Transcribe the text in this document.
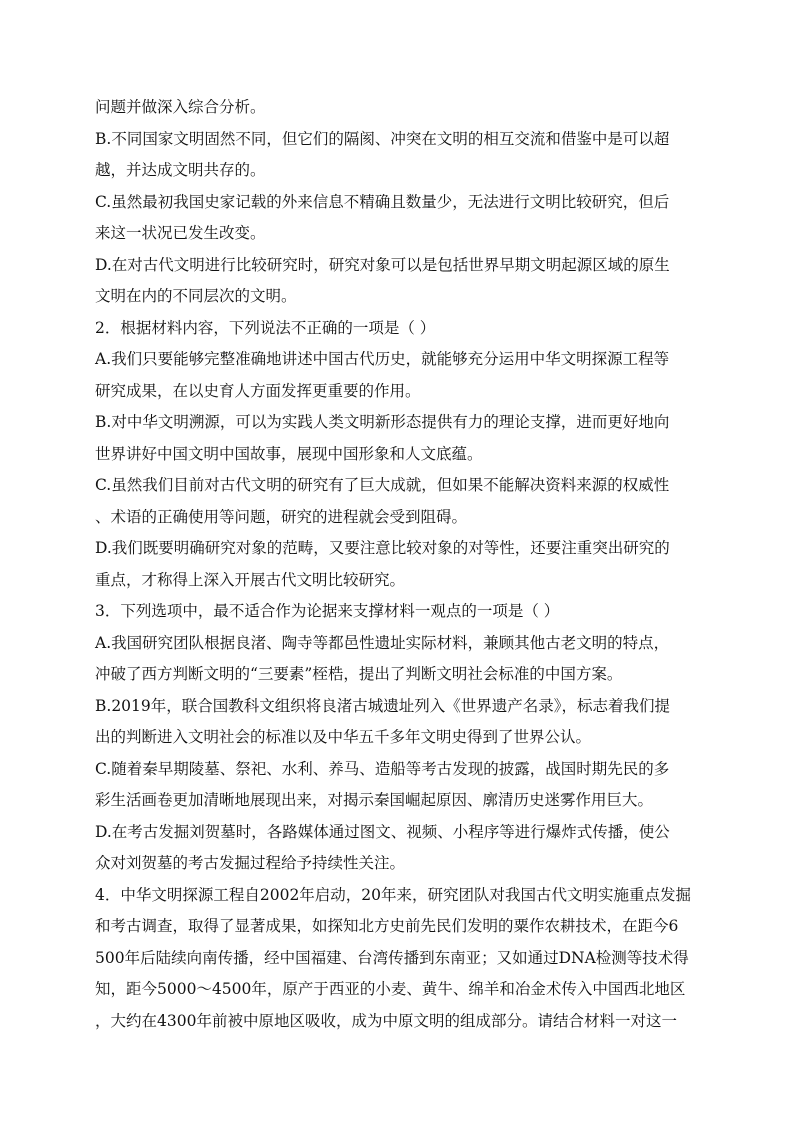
问题并做深入综合分析。
B.不同国家文明固然不同，但它们的隔阂、冲突在文明的相互交流和借鉴中是可以超
越，并达成文明共存的。
C.虽然最初我国史家记载的外来信息不精确且数量少，无法进行文明比较研究，但后
来这一状况已发生改变。
D.在对古代文明进行比较研究时，研究对象可以是包括世界早期文明起源区域的原生
文明在内的不同层次的文明。
2．根据材料内容，下列说法不正确的一项是（ ）
A.我们只要能够完整准确地讲述中国古代历史，就能够充分运用中华文明探源工程等
研究成果，在以史育人方面发挥更重要的作用。
B.对中华文明溯源，可以为实践人类文明新形态提供有力的理论支撑，进而更好地向
世界讲好中国文明中国故事，展现中国形象和人文底蕴。
C.虽然我们目前对古代文明的研究有了巨大成就，但如果不能解决资料来源的权威性
、术语的正确使用等问题，研究的进程就会受到阻碍。
D.我们既要明确研究对象的范畴，又要注意比较对象的对等性，还要注重突出研究的
重点，才称得上深入开展古代文明比较研究。
3．下列选项中，最不适合作为论据来支撑材料一观点的一项是（ ）
A.我国研究团队根据良渚、陶寺等都邑性遗址实际材料，兼顾其他古老文明的特点，
冲破了西方判断文明的“三要素”桎梏，提出了判断文明社会标准的中国方案。
B.2019年，联合国教科文组织将良渚古城遗址列入《世界遗产名录》，标志着我们提
出的判断进入文明社会的标准以及中华五千多年文明史得到了世界公认。
C.随着秦早期陵墓、祭祀、水利、养马、造船等考古发现的披露，战国时期先民的多
彩生活画卷更加清晰地展现出来，对揭示秦国崛起原因、廓清历史迷雾作用巨大。
D.在考古发掘刘贺墓时，各路媒体通过图文、视频、小程序等进行爆炸式传播，使公
众对刘贺墓的考古发掘过程给予持续性关注。
4．中华文明探源工程自2002年启动，20年来，研究团队对我国古代文明实施重点发掘
和考古调查，取得了显著成果，如探知北方史前先民们发明的粟作农耕技术，在距今6
500年后陆续向南传播，经中国福建、台湾传播到东南亚；又如通过DNA检测等技术得
知，距今5000～4500年，原产于西亚的小麦、黄牛、绵羊和冶金术传入中国西北地区
，大约在4300年前被中原地区吸收，成为中原文明的组成部分。请结合材料一对这一
